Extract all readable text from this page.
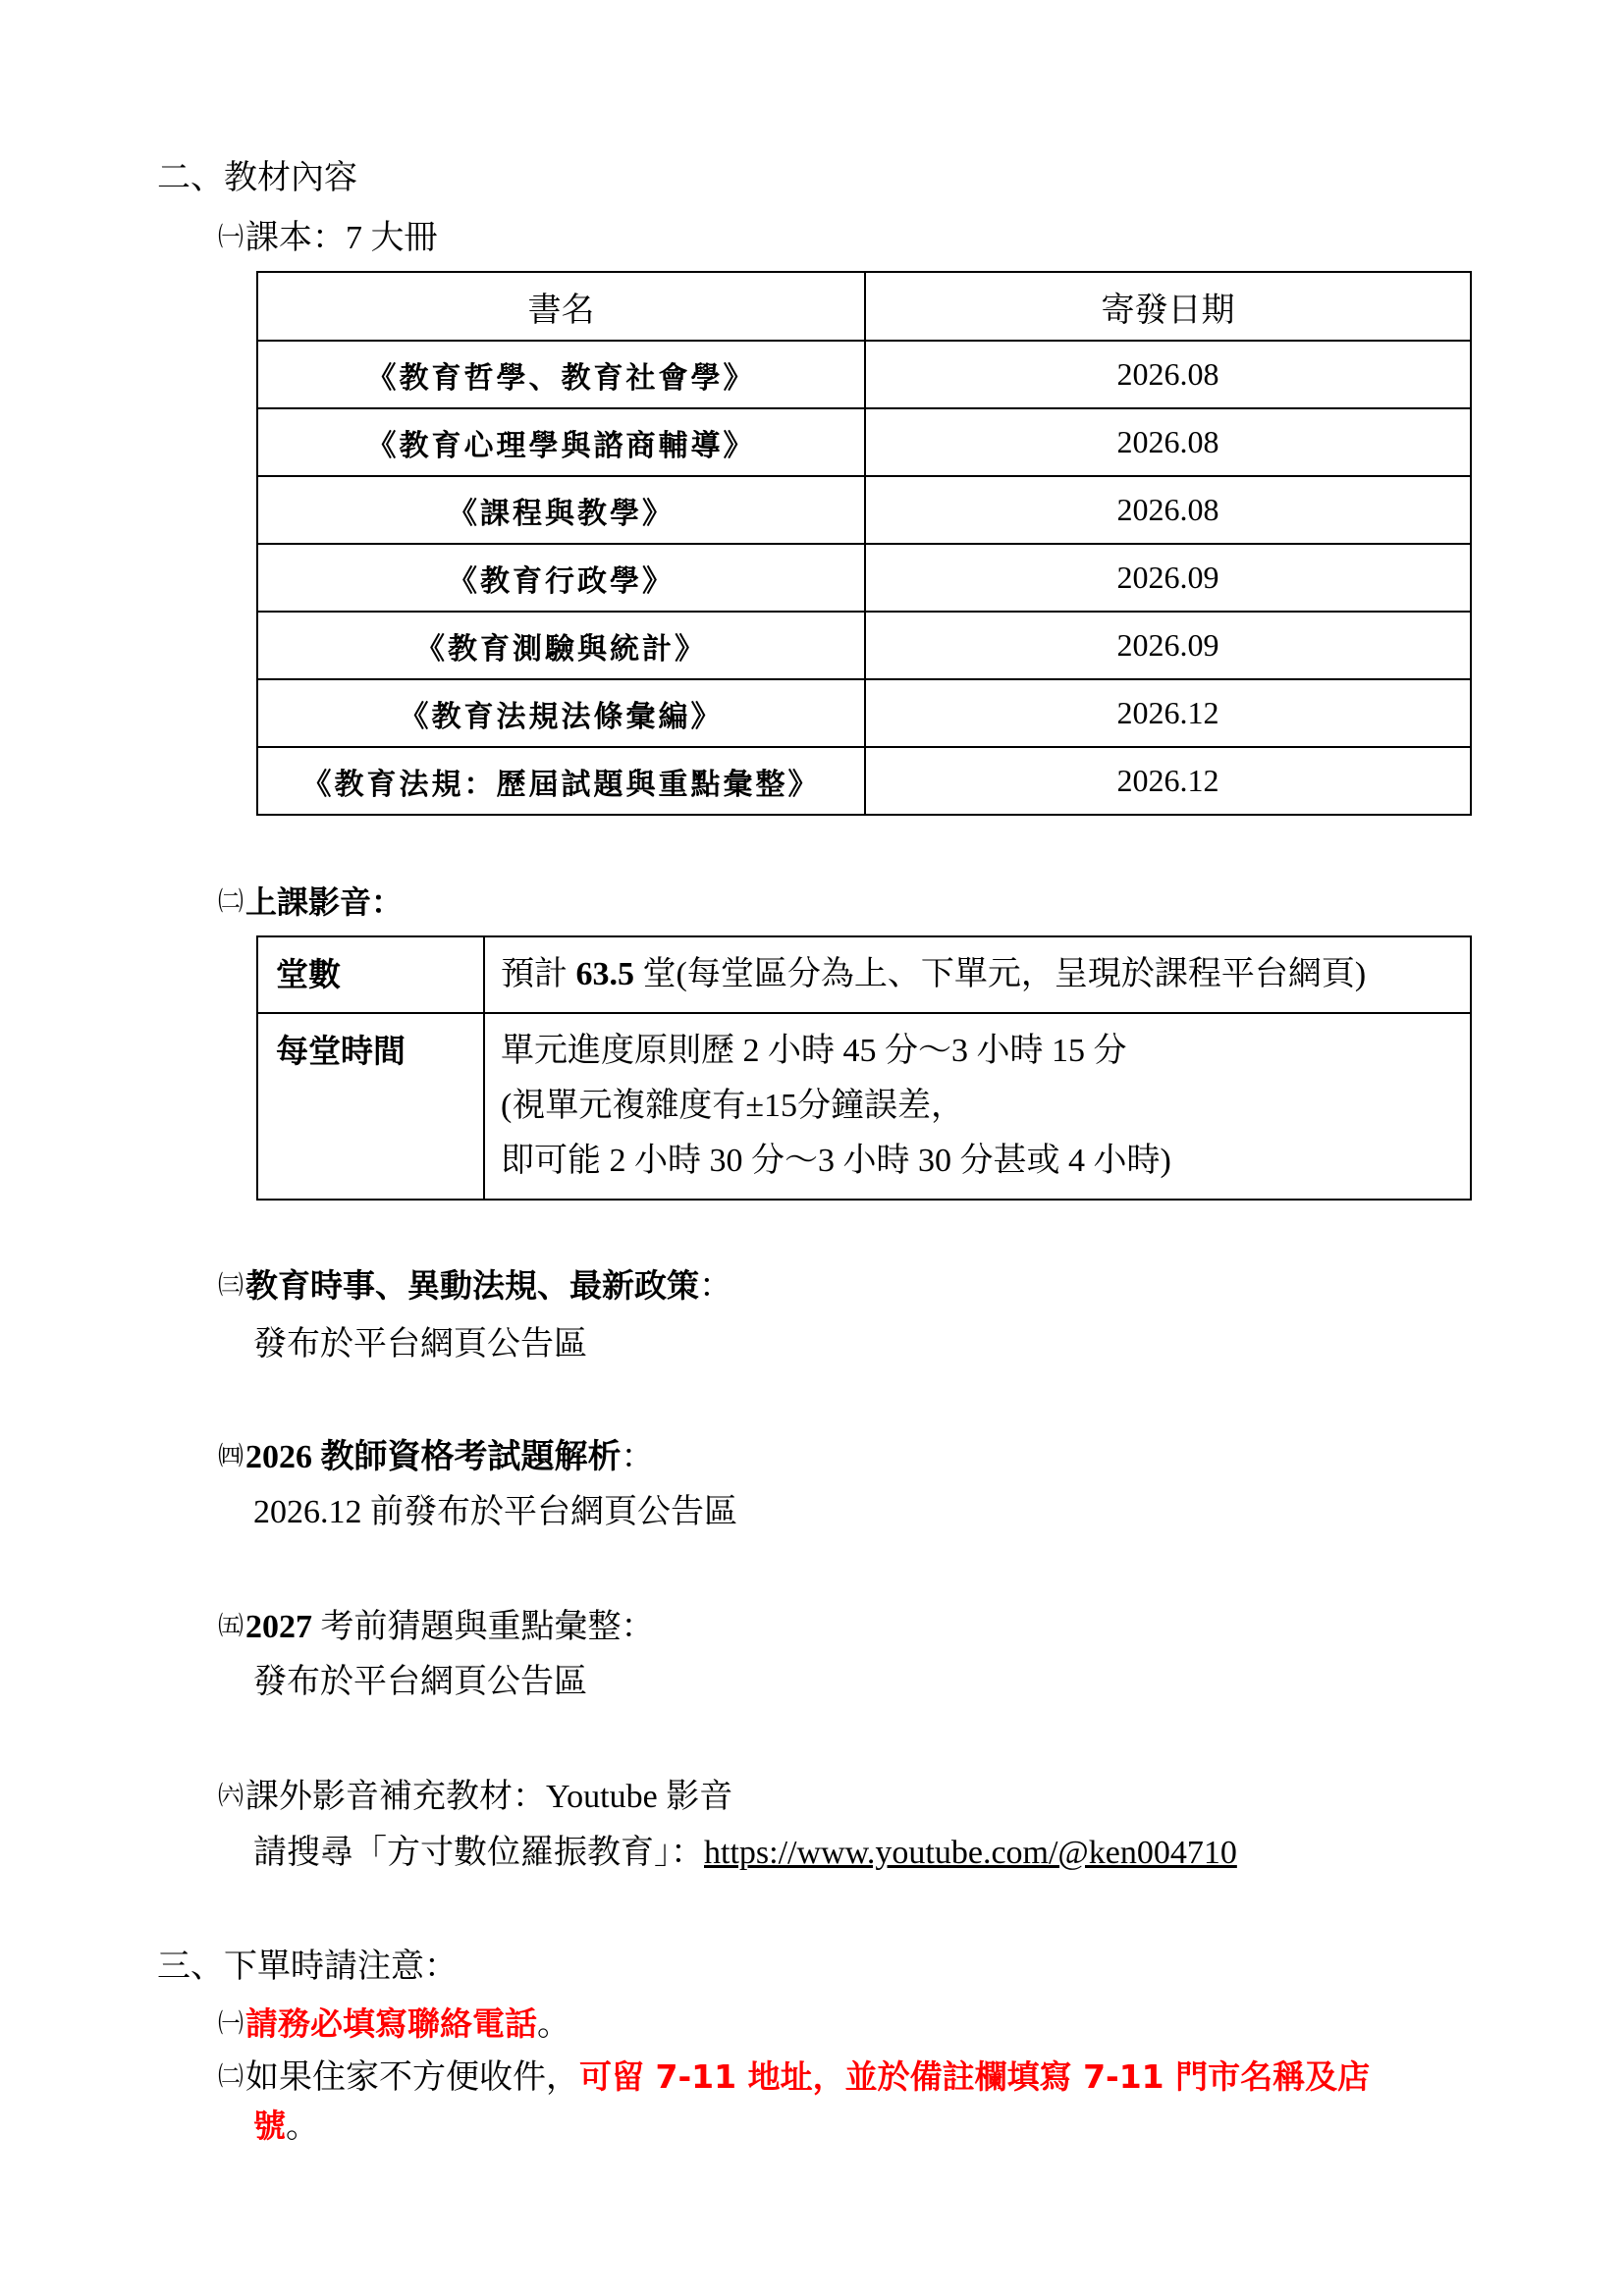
二、教材內容
㈠課本：7 大冊
書名	寄發日期
《教育哲學、教育社會學》	2026.08
《教育心理學與諮商輔導》	2026.08
《課程與教學》	2026.08
《教育行政學》	2026.09
《教育測驗與統計》	2026.09
《教育法規法條彙編》	2026.12
《教育法規：歷屆試題與重點彙整》	2026.12
㈡上課影音：
堂數	預計 63.5 堂(每堂區分為上、下單元，呈現於課程平台網頁)
每堂時間	單元進度原則歷 2 小時 45 分～3 小時 15 分
(視單元複雜度有±15分鐘誤差，
即可能 2 小時 30 分～3 小時 30 分甚或 4 小時)
㈢教育時事、異動法規、最新政策：
發布於平台網頁公告區
㈣2026 教師資格考試題解析：
2026.12 前發布於平台網頁公告區
㈤2027 考前猜題與重點彙整：
發布於平台網頁公告區
㈥課外影音補充教材：Youtube 影音
請搜尋「方寸數位羅振教育」：https://www.youtube.com/@ken004710
三、下單時請注意：
㈠請務必填寫聯絡電話。
㈡如果住家不方便收件，可留 7-11 地址，並於備註欄填寫 7-11 門市名稱及店
號。
